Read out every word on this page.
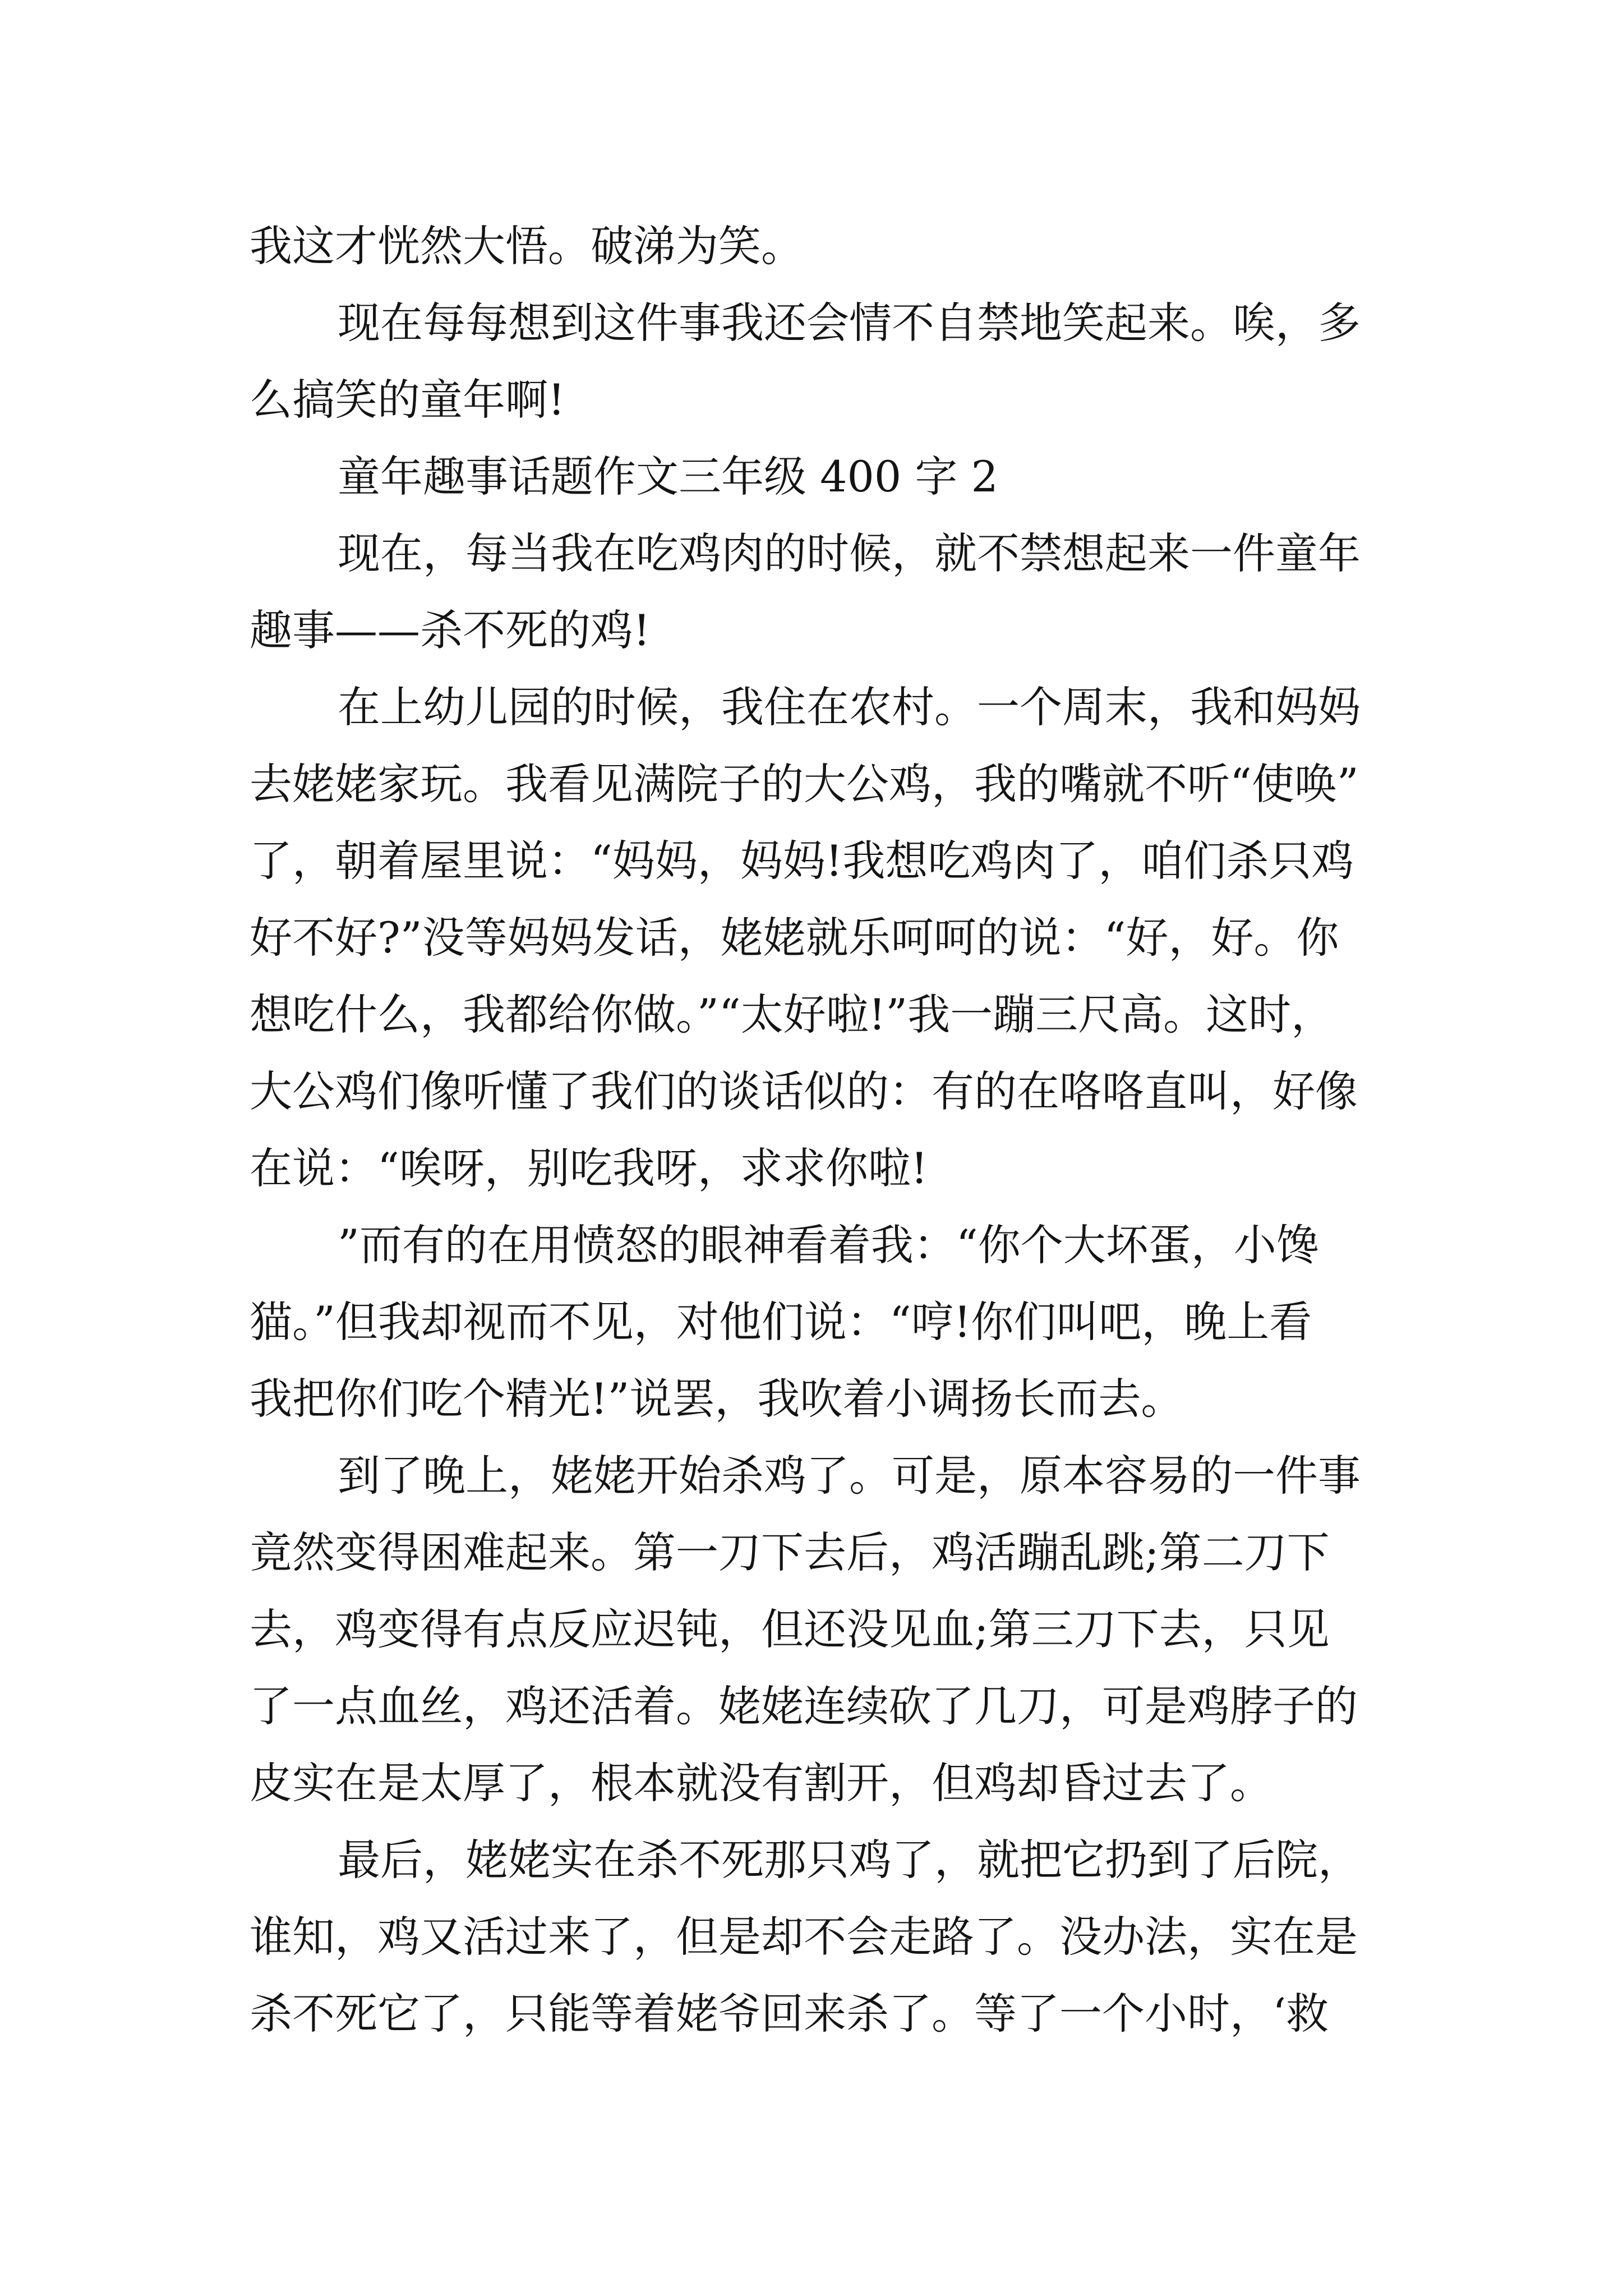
我这才恍然大悟。破涕为笑。
现在每每想到这件事我还会情不自禁地笑起来。唉，多
么搞笑的童年啊!
童年趣事话题作文三年级 400 字 2
现在，每当我在吃鸡肉的时候，就不禁想起来一件童年
趣事——杀不死的鸡!
在上幼儿园的时候，我住在农村。一个周末，我和妈妈
去姥姥家玩。我看见满院子的大公鸡，我的嘴就不听“使唤”
了，朝着屋里说：“妈妈，妈妈!我想吃鸡肉了，咱们杀只鸡
好不好?”没等妈妈发话，姥姥就乐呵呵的说：“好，好。你
想吃什么，我都给你做。”“太好啦!”我一蹦三尺高。这时，
大公鸡们像听懂了我们的谈话似的：有的在咯咯直叫，好像
在说：“唉呀，别吃我呀，求求你啦!
”而有的在用愤怒的眼神看着我：“你个大坏蛋，小馋
猫。”但我却视而不见，对他们说：“哼!你们叫吧，晚上看
我把你们吃个精光!”说罢，我吹着小调扬长而去。
到了晚上，姥姥开始杀鸡了。可是，原本容易的一件事
竟然变得困难起来。第一刀下去后，鸡活蹦乱跳;第二刀下
去，鸡变得有点反应迟钝，但还没见血;第三刀下去，只见
了一点血丝，鸡还活着。姥姥连续砍了几刀，可是鸡脖子的
皮实在是太厚了，根本就没有割开，但鸡却昏过去了。
最后，姥姥实在杀不死那只鸡了，就把它扔到了后院，
谁知，鸡又活过来了，但是却不会走路了。没办法，实在是
杀不死它了，只能等着姥爷回来杀了。等了一个小时，‘救
